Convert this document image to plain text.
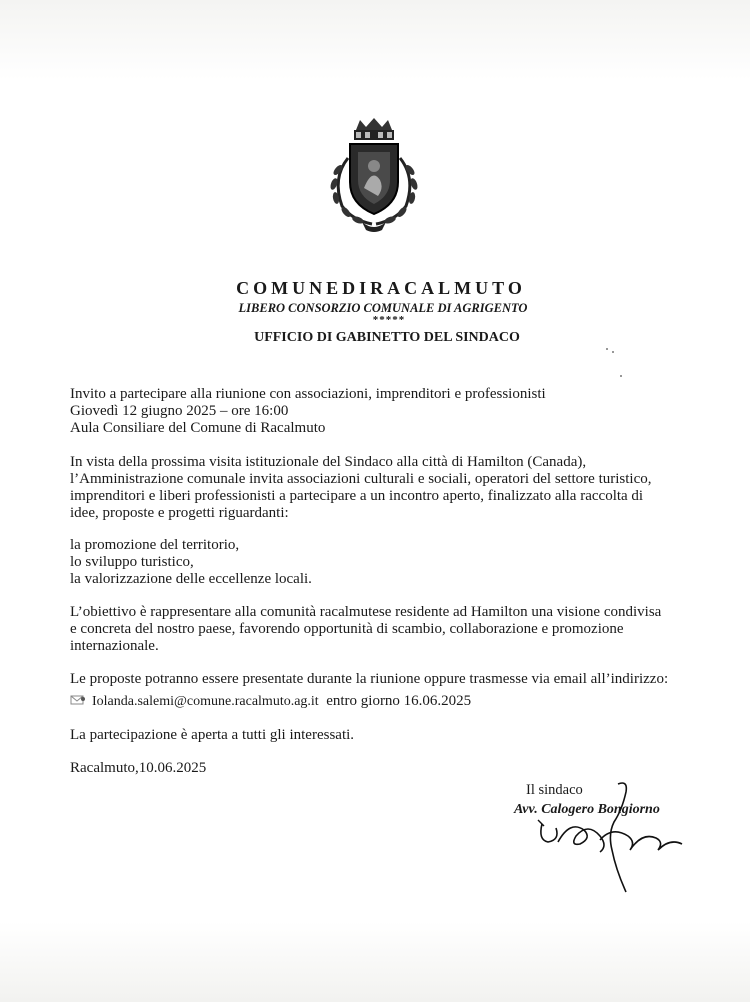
COMUNEDIRACALMUTO
LIBERO CONSORZIO COMUNALE DI AGRIGENTO
*****
UFFICIO DI GABINETTO DEL SINDACO
Invito a partecipare alla riunione con associazioni, imprenditori e professionisti
Giovedì 12 giugno 2025 – ore 16:00
Aula Consiliare del Comune di Racalmuto
In vista della prossima visita istituzionale del Sindaco alla città di Hamilton (Canada),
l’Amministrazione comunale invita associazioni culturali e sociali, operatori del settore turistico,
imprenditori e liberi professionisti a partecipare a un incontro aperto, finalizzato alla raccolta di
idee, proposte e progetti riguardanti:
la promozione del territorio,
lo sviluppo turistico,
la valorizzazione delle eccellenze locali.
L’obiettivo è rappresentare alla comunità racalmutese residente ad Hamilton una visione condivisa
e concreta del nostro paese, favorendo opportunità di scambio, collaborazione e promozione
internazionale.
Le proposte potranno essere presentate durante la riunione oppure trasmesse via email all’indirizzo:
Iolanda.salemi@comune.racalmuto.ag.it entro giorno 16.06.2025
La partecipazione è aperta a tutti gli interessati.
Racalmuto,10.06.2025
Il sindaco
Avv. Calogero Bongiorno
